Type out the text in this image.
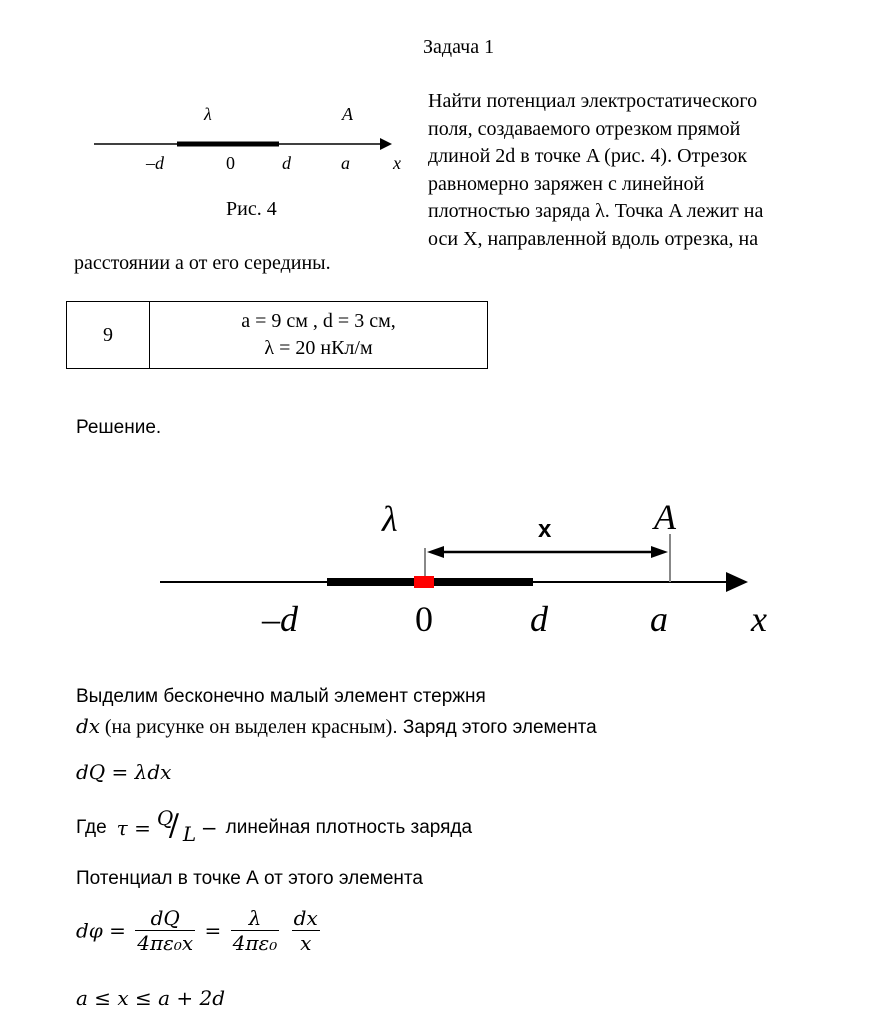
Задача 1
λ	A
–d	0	d	a x
Рис. 4
Найти потенциал электростатического
поля, создаваемого отрезком прямой
длиной 2d в точке A (рис. 4). Отрезок
равномерно заряжен с линейной
плотностью заряда λ. Точка A лежит на
оси X, направленной вдоль отрезка, на
расстоянии a от его середины.
9	
a = 9 см , d = 3 см,
λ = 20 нКл/м
Решение.
λ	A
x
–d	0	d	a x
Выделим бесконечно малый элемент стержня
dx (на рисунке он выделен красным). Заряд этого элемента
dQ = λdx
Где τ = Q
/ L − линейная плотность заряда
Потенциал в точке А от этого элемента
$d\varphi = \frac{dQ}{\text{4πε₀x}} = \frac{\lambda}{\text{4πε₀}}$
$\frac{dx}{x}$
a ≤ x ≤ a + 2d
